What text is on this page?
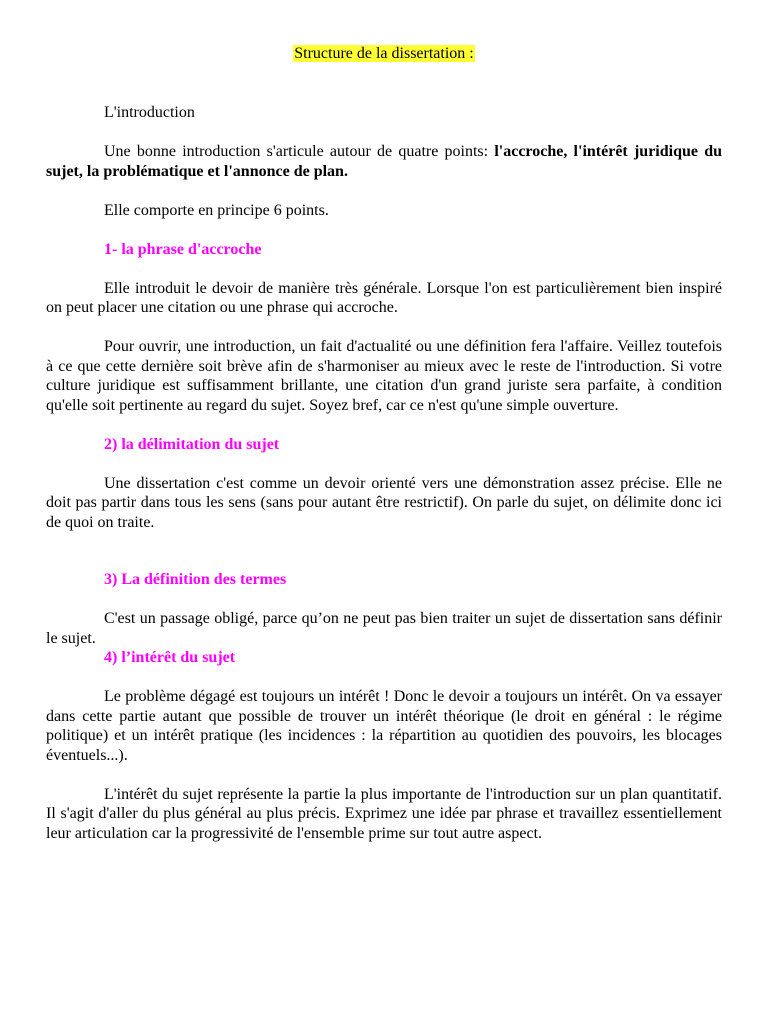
Structure de la dissertation :

L'introduction

Une bonne introduction s'articule autour de quatre points: l'accroche, l'intérêt juridique du sujet, la problématique et l'annonce de plan.

Elle comporte en principe 6 points.

1- la phrase d'accroche

Elle introduit le devoir de manière très générale. Lorsque l'on est particulièrement bien inspiré on peut placer une citation ou une phrase qui accroche.

Pour ouvrir, une introduction, un fait d'actualité ou une définition fera l'affaire. Veillez toutefois à ce que cette dernière soit brève afin de s'harmoniser au mieux avec le reste de l'introduction. Si votre culture juridique est suffisamment brillante, une citation d'un grand juriste sera parfaite, à condition qu'elle soit pertinente au regard du sujet. Soyez bref, car ce n'est qu'une simple ouverture.

2) la délimitation du sujet

Une dissertation c'est comme un devoir orienté vers une démonstration assez précise. Elle ne doit pas partir dans tous les sens (sans pour autant être restrictif). On parle du sujet, on délimite donc ici de quoi on traite.

3) La définition des termes

C'est un passage obligé, parce qu’on ne peut pas bien traiter un sujet de dissertation sans définir le sujet.

4) l’intérêt du sujet

Le problème dégagé est toujours un intérêt ! Donc le devoir a toujours un intérêt. On va essayer dans cette partie autant que possible de trouver un intérêt théorique (le droit en général : le régime politique) et un intérêt pratique (les incidences : la répartition au quotidien des pouvoirs, les blocages éventuels...).

L'intérêt du sujet représente la partie la plus importante de l'introduction sur un plan quantitatif. Il s'agit d'aller du plus général au plus précis. Exprimez une idée par phrase et travaillez essentiellement leur articulation car la progressivité de l'ensemble prime sur tout autre aspect.
